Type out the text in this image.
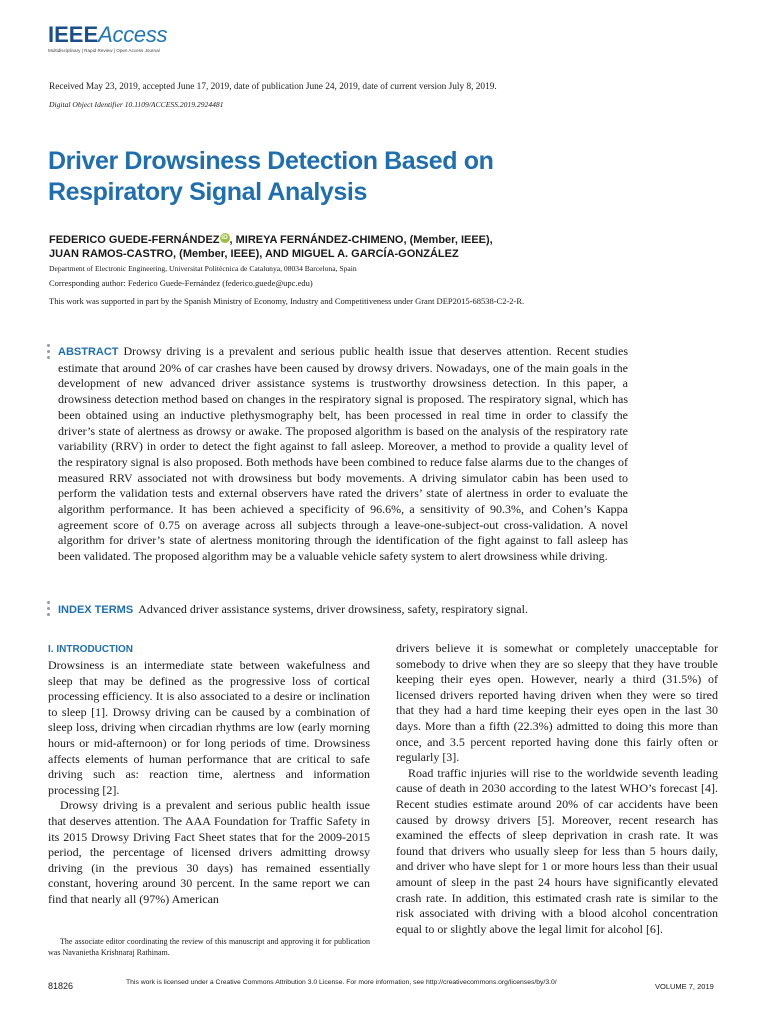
IEEEAccess
Multidisciplinary | Rapid Review | Open Access Journal
Received May 23, 2019, accepted June 17, 2019, date of publication June 24, 2019, date of current version July 8, 2019.
Digital Object Identifier 10.1109/ACCESS.2019.2924481
Driver Drowsiness Detection Based on
Respiratory Signal Analysis
FEDERICO GUEDE-FERNÁNDEZ iD , MIREYA FERNÁNDEZ-CHIMENO, (Member, IEEE),
JUAN RAMOS-CASTRO, (Member, IEEE), AND MIGUEL A. GARCÍA-GONZÁLEZ
Department of Electronic Engineering, Universitat Politècnica de Catalunya, 08034 Barcelona, Spain
Corresponding author: Federico Guede-Fernández (federico.guede@upc.edu)
This work was supported in part by the Spanish Ministry of Economy, Industry and Competitiveness under Grant DEP2015-68538-C2-2-R.
ABSTRACT Drowsy driving is a prevalent and serious public health issue that deserves attention. Recent studies estimate that around 20% of car crashes have been caused by drowsy drivers. Nowadays, one of the main goals in the development of new advanced driver assistance systems is trustworthy drowsiness detection. In this paper, a drowsiness detection method based on changes in the respiratory signal is proposed. The respiratory signal, which has been obtained using an inductive plethysmography belt, has been processed in real time in order to classify the driver’s state of alertness as drowsy or awake. The proposed algorithm is based on the analysis of the respiratory rate variability (RRV) in order to detect the fight against to fall asleep. Moreover, a method to provide a quality level of the respiratory signal is also proposed. Both methods have been combined to reduce false alarms due to the changes of measured RRV associated not with drowsiness but body movements. A driving simulator cabin has been used to perform the validation tests and external observers have rated the drivers’ state of alertness in order to evaluate the algorithm performance. It has been achieved a specificity of 96.6%, a sensitivity of 90.3%, and Cohen’s Kappa agreement score of 0.75 on average across all subjects through a leave-one-subject-out cross-validation. A novel algorithm for driver’s state of alertness monitoring through the identification of the fight against to fall asleep has been validated. The proposed algorithm may be a valuable vehicle safety system to alert drowsiness while driving.
INDEX TERMS Advanced driver assistance systems, driver drowsiness, safety, respiratory signal.
I. INTRODUCTION

Drowsiness is an intermediate state between wakefulness and sleep that may be defined as the progressive loss of cortical processing efficiency. It is also associated to a desire or inclination to sleep [1]. Drowsy driving can be caused by a combination of sleep loss, driving when circadian rhythms are low (early morning hours or mid-afternoon) or for long periods of time. Drowsiness affects elements of human performance that are critical to safe driving such as: reaction time, alertness and information processing [2].

Drowsy driving is a prevalent and serious public health issue that deserves attention. The AAA Foundation for Traffic Safety in its 2015 Drowsy Driving Fact Sheet states that for the 2009-2015 period, the percentage of licensed drivers admitting drowsy driving (in the previous 30 days) has remained essentially constant, hovering around 30 percent. In the same report we can find that nearly all (97%) American

drivers believe it is somewhat or completely unacceptable for somebody to drive when they are so sleepy that they have trouble keeping their eyes open. However, nearly a third (31.5%) of licensed drivers reported having driven when they were so tired that they had a hard time keeping their eyes open in the last 30 days. More than a fifth (22.3%) admitted to doing this more than once, and 3.5 percent reported having done this fairly often or regularly [3].

Road traffic injuries will rise to the worldwide seventh leading cause of death in 2030 according to the latest WHO’s forecast [4]. Recent studies estimate around 20% of car accidents have been caused by drowsy drivers [5]. Moreover, recent research has examined the effects of sleep deprivation in crash rate. It was found that drivers who usually sleep for less than 5 hours daily, and driver who have slept for 1 or more hours less than their usual amount of sleep in the past 24 hours have significantly elevated crash rate. In addition, this estimated crash rate is similar to the risk associated with driving with a blood alcohol concentration equal to or slightly above the legal limit for alcohol [6].

The associate editor coordinating the review of this manuscript and approving it for publication was Navanietha Krishnaraj Rathinam.

81826	This work is licensed under a Creative Commons Attribution 3.0 License. For more information, see http://creativecommons.org/licenses/by/3.0/	VOLUME 7, 2019
